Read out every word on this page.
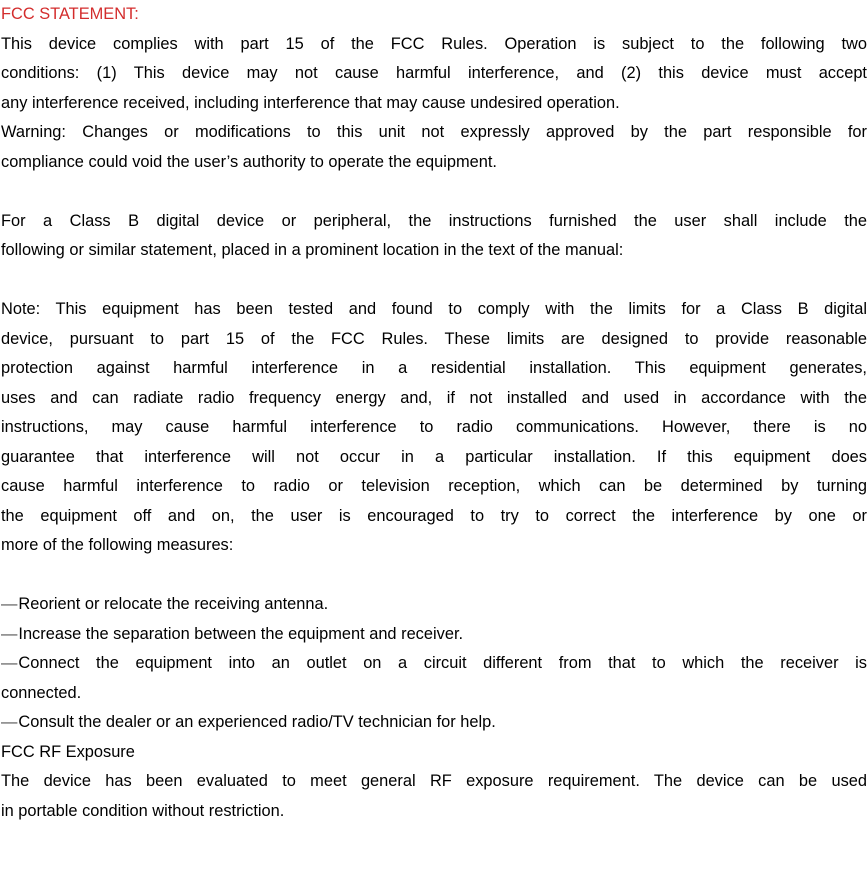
FCC STATEMENT:
This device complies with part 15 of the FCC Rules. Operation is subject to the following two
conditions: (1) This device may not cause harmful interference, and (2) this device must accept
any interference received, including interference that may cause undesired operation.
Warning: Changes or modifications to this unit not expressly approved by the part responsible for
compliance could void the user’s authority to operate the equipment.
For a Class B digital device or peripheral, the instructions furnished the user shall include the
following or similar statement, placed in a prominent location in the text of the manual:
Note: This equipment has been tested and found to comply with the limits for a Class B digital
device, pursuant to part 15 of the FCC Rules. These limits are designed to provide reasonable
protection against harmful interference in a residential installation. This equipment generates,
uses and can radiate radio frequency energy and, if not installed and used in accordance with the
instructions, may cause harmful interference to radio communications. However, there is no
guarantee that interference will not occur in a particular installation. If this equipment does
cause harmful interference to radio or television reception, which can be determined by turning
the equipment off and on, the user is encouraged to try to correct the interference by one or
more of the following measures:
—Reorient or relocate the receiving antenna.
—Increase the separation between the equipment and receiver.
—Connect the equipment into an outlet on a circuit different from that to which the receiver is
connected.
—Consult the dealer or an experienced radio/TV technician for help.
FCC RF Exposure
The device has been evaluated to meet general RF exposure requirement. The device can be used
in portable condition without restriction.
